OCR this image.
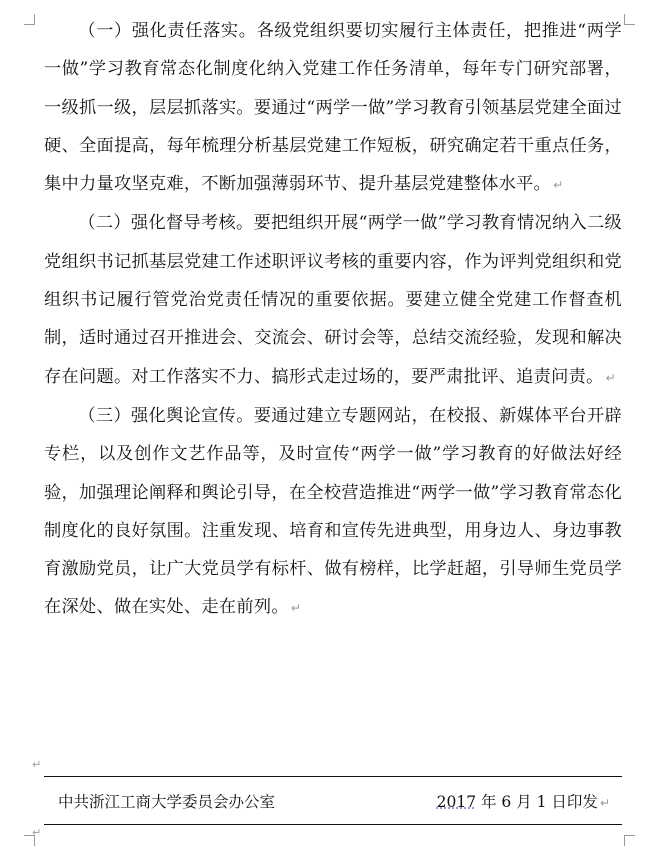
（一）强化责任落实。各级党组织要切实履行主体责任，把推进“两学一做”学习教育常态化制度化纳入党建工作任务清单，每年专门研究部署，一级抓一级，层层抓落实。要通过“两学一做”学习教育引领基层党建全面过硬、全面提高，每年梳理分析基层党建工作短板，研究确定若干重点任务，集中力量攻坚克难，不断加强薄弱环节、提升基层党建整体水平。 ↵

（二）强化督导考核。要把组织开展“两学一做”学习教育情况纳入二级党组织书记抓基层党建工作述职评议考核的重要内容，作为评判党组织和党组织书记履行管党治党责任情况的重要依据。要建立健全党建工作督查机制，适时通过召开推进会、交流会、研讨会等，总结交流经验，发现和解决存在问题。对工作落实不力、搞形式走过场的，要严肃批评、追责问责。 ↵

（三）强化舆论宣传。要通过建立专题网站，在校报、新媒体平台开辟专栏，以及创作文艺作品等，及时宣传“两学一做”学习教育的好做法好经验，加强理论阐释和舆论引导，在全校营造推进“两学一做”学习教育常态化制度化的良好氛围。注重发现、培育和宣传先进典型，用身边人、身边事教育激励党员，让广大党员学有标杆、做有榜样，比学赶超，引导师生党员学在深处、做在实处、走在前列。 ↵

↵
中共浙江工商大学委员会办公室	2017 年 6 月 1 日印发 ↵
↵
